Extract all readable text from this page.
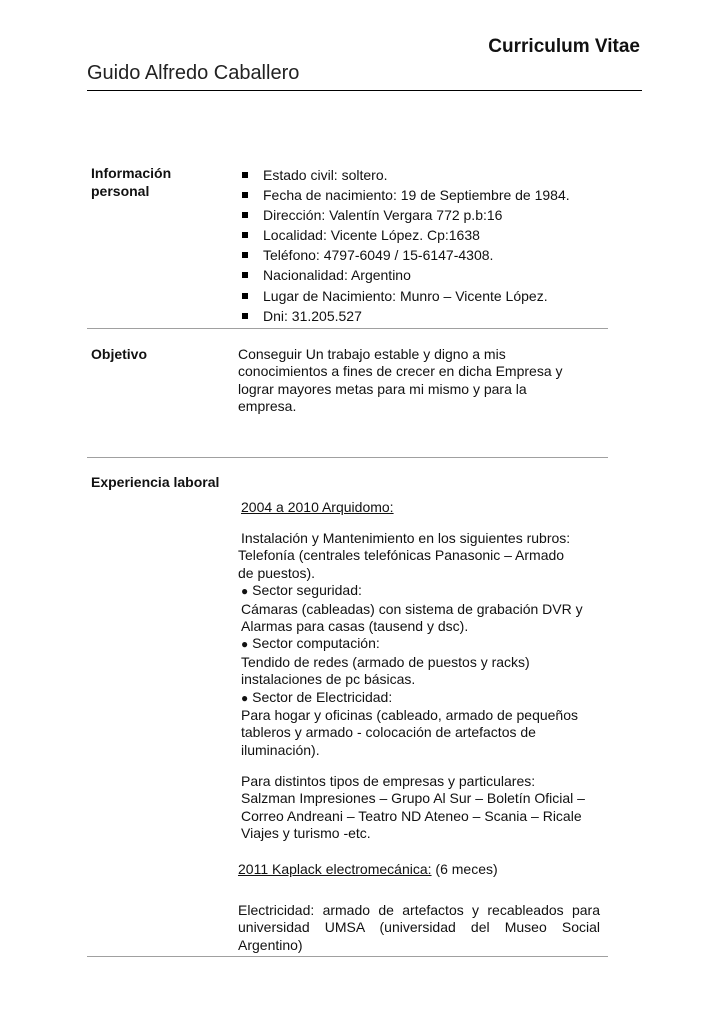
Curriculum Vitae
Guido Alfredo Caballero
Información personal
Estado civil: soltero.
Fecha de nacimiento: 19 de Septiembre de 1984.
Dirección: Valentín Vergara 772 p.b:16
Localidad: Vicente López. Cp:1638
Teléfono: 4797-6049 / 15-6147-4308.
Nacionalidad: Argentino
Lugar de Nacimiento: Munro – Vicente López.
Dni: 31.205.527
Objetivo	Conseguir Un trabajo estable y digno a mis
conocimientos a fines de crecer en dicha Empresa y
lograr mayores metas para mi mismo y para la
empresa.
Experiencia laboral
2004 a 2010 Arquidomo:
Instalación y Mantenimiento en los siguientes rubros:
Telefonía (centrales telefónicas Panasonic – Armado
de puestos).
● Sector seguridad:
Cámaras (cableadas) con sistema de grabación DVR y
Alarmas para casas (tausend y dsc).
● Sector computación:
Tendido de redes (armado de puestos y racks)
instalaciones de pc básicas.
● Sector de Electricidad:
Para hogar y oficinas (cableado, armado de pequeños
tableros y armado - colocación de artefactos de
iluminación).
Para distintos tipos de empresas y particulares:
Salzman Impresiones – Grupo Al Sur – Boletín Oficial –
Correo Andreani – Teatro ND Ateneo – Scania – Ricale
Viajes y turismo -etc.
2011 Kaplack electromecánica: (6 meces)
Electricidad: armado de artefactos y recableados para universidad UMSA (universidad del Museo Social Argentino)
